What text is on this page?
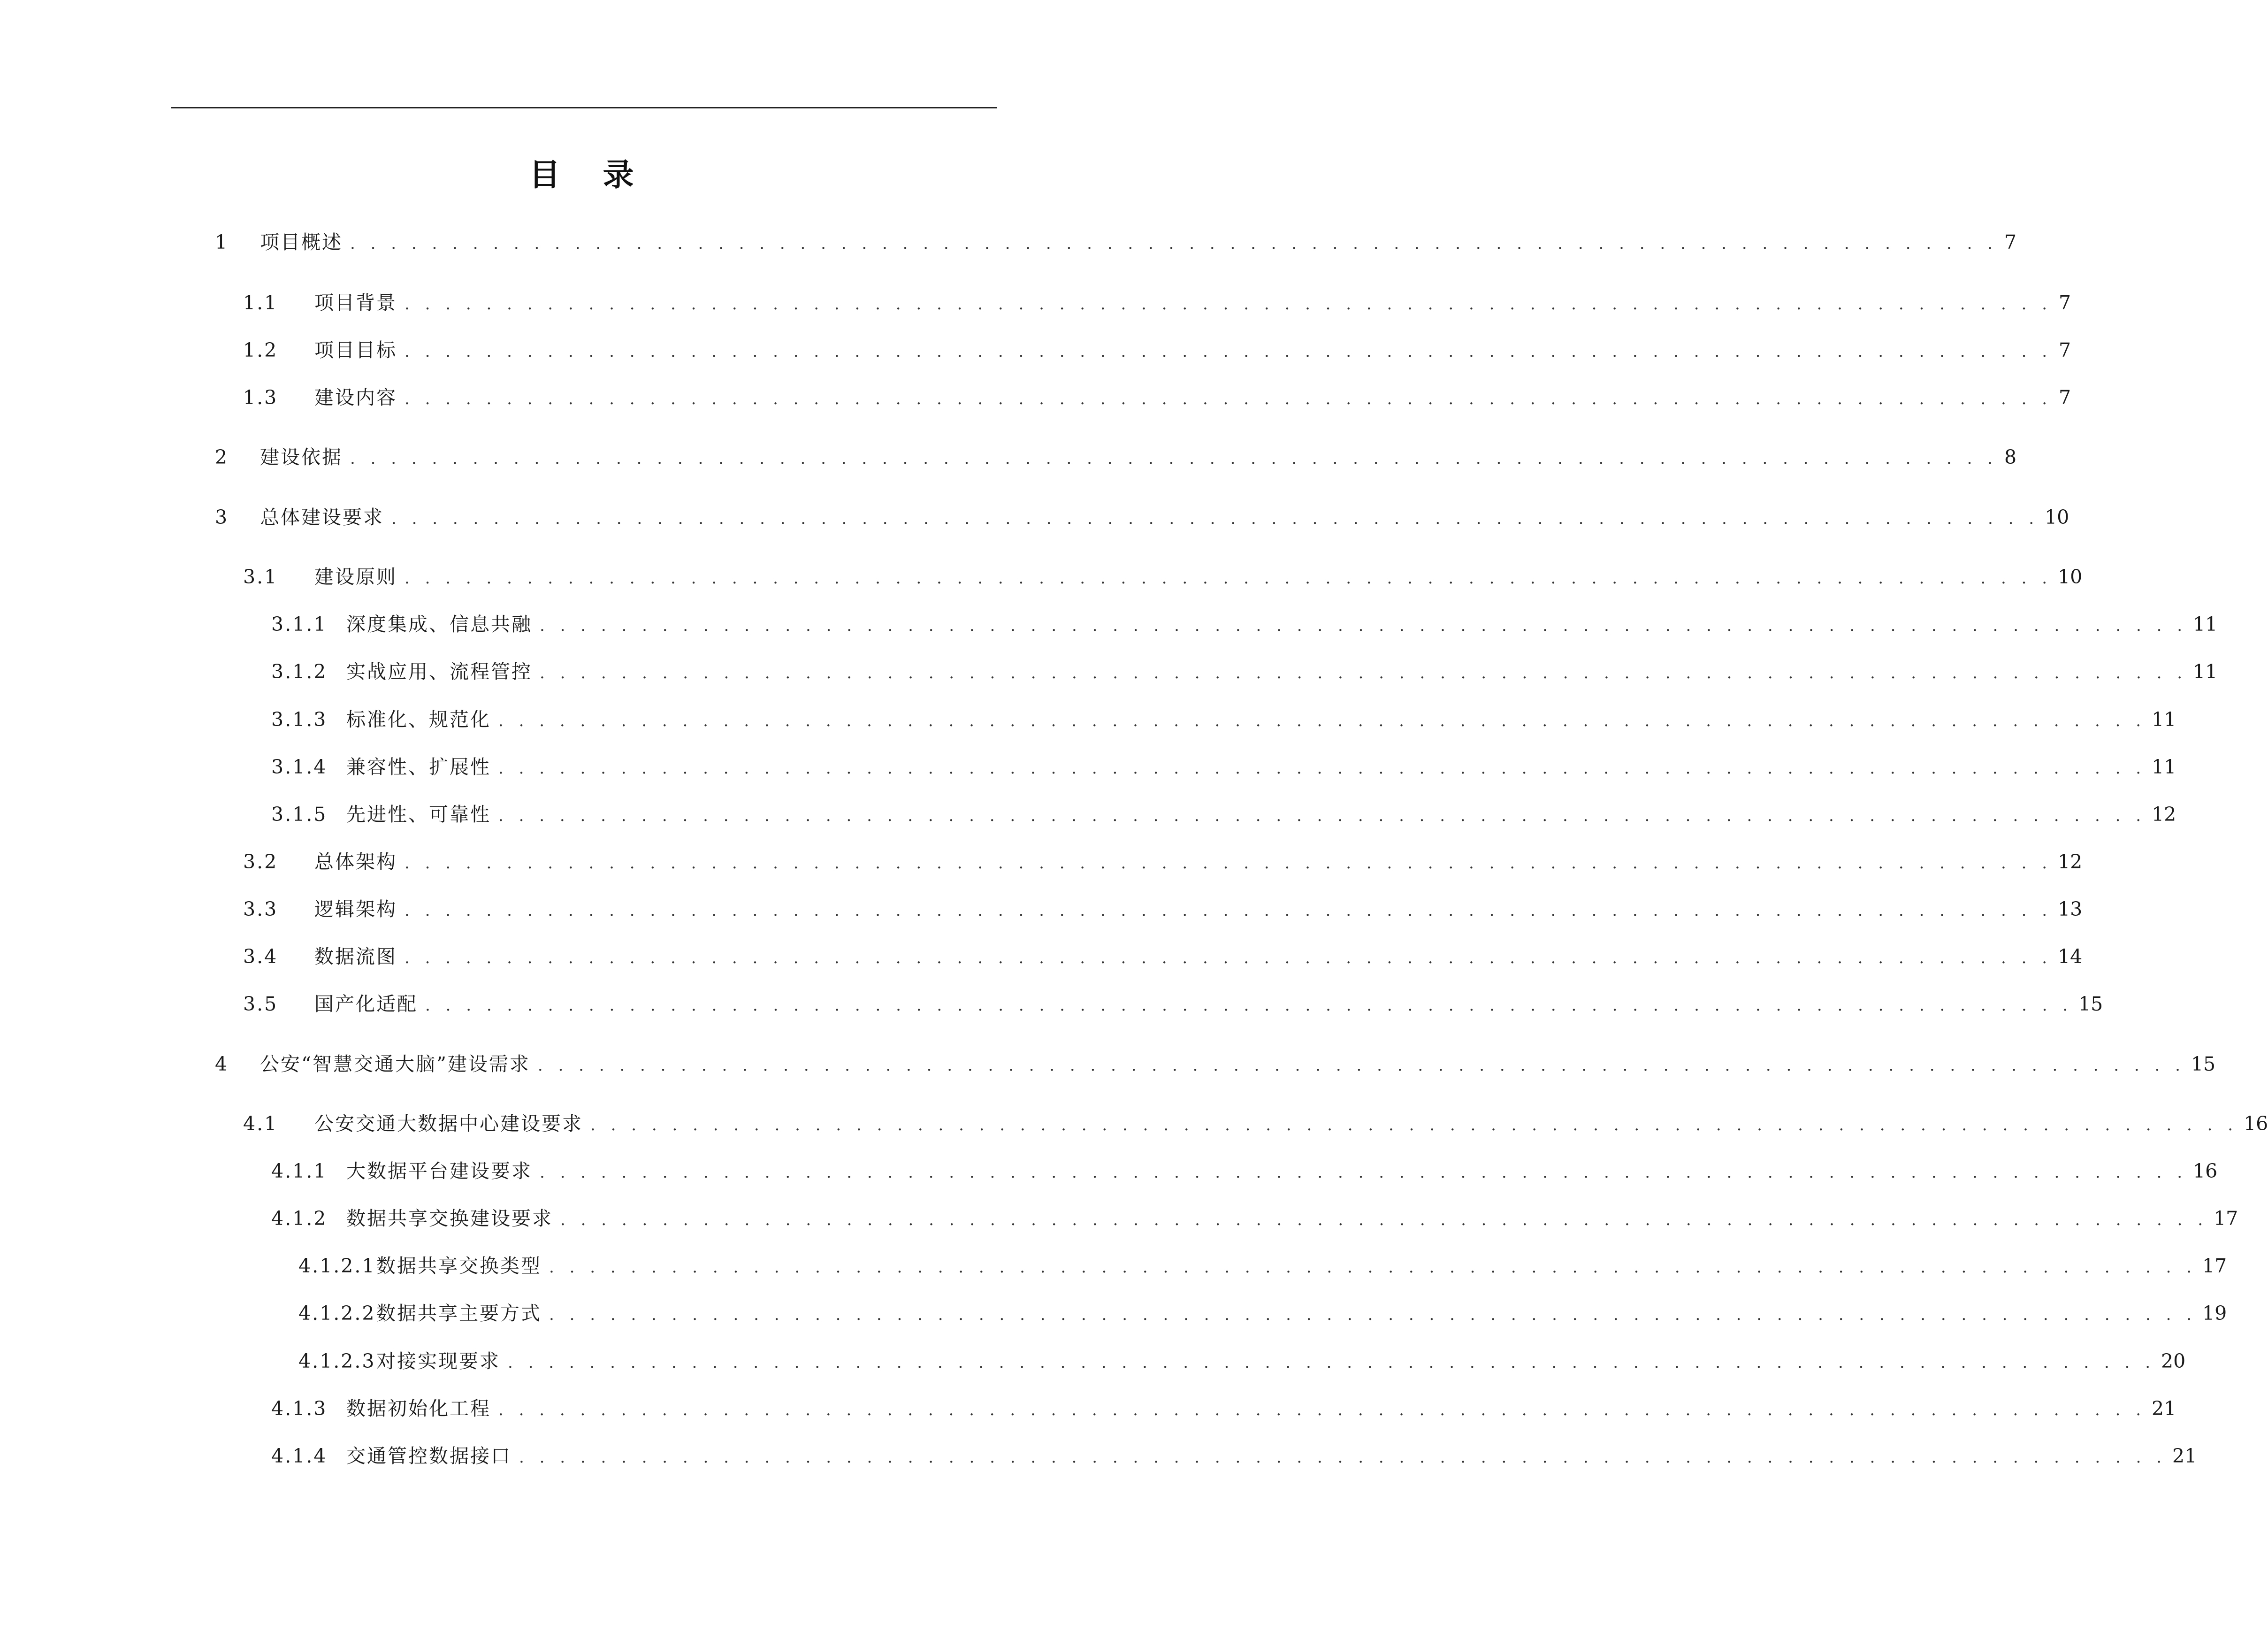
目 录
1	项目概述 . . . . . . . . . . . . . . . . . . . . . . . . . . . . . . . . . . . . . . . . . . . . . . . . . . . . . . . . . . . . . . . . . . . . . . . . . . . . . . . . . 7
1.1	项目背景 . . . . . . . . . . . . . . . . . . . . . . . . . . . . . . . . . . . . . . . . . . . . . . . . . . . . . . . . . . . . . . . . . . . . . . . . . . . . . . . . . 7
1.2	项目目标 . . . . . . . . . . . . . . . . . . . . . . . . . . . . . . . . . . . . . . . . . . . . . . . . . . . . . . . . . . . . . . . . . . . . . . . . . . . . . . . . . 7
1.3	建设内容 . . . . . . . . . . . . . . . . . . . . . . . . . . . . . . . . . . . . . . . . . . . . . . . . . . . . . . . . . . . . . . . . . . . . . . . . . . . . . . . . . 7
2	建设依据 . . . . . . . . . . . . . . . . . . . . . . . . . . . . . . . . . . . . . . . . . . . . . . . . . . . . . . . . . . . . . . . . . . . . . . . . . . . . . . . . . 8
3	总体建设要求 . . . . . . . . . . . . . . . . . . . . . . . . . . . . . . . . . . . . . . . . . . . . . . . . . . . . . . . . . . . . . . . . . . . . . . . . . . . . . . . . . 10
3.1	建设原则 . . . . . . . . . . . . . . . . . . . . . . . . . . . . . . . . . . . . . . . . . . . . . . . . . . . . . . . . . . . . . . . . . . . . . . . . . . . . . . . . . 10
3.1.1 深度集成、信息共融 . . . . . . . . . . . . . . . . . . . . . . . . . . . . . . . . . . . . . . . . . . . . . . . . . . . . . . . . . . . . . . . . . . . . . . . . . . . . . . . . . 11
3.1.2 实战应用、流程管控 . . . . . . . . . . . . . . . . . . . . . . . . . . . . . . . . . . . . . . . . . . . . . . . . . . . . . . . . . . . . . . . . . . . . . . . . . . . . . . . . . 11
3.1.3 标准化、规范化 . . . . . . . . . . . . . . . . . . . . . . . . . . . . . . . . . . . . . . . . . . . . . . . . . . . . . . . . . . . . . . . . . . . . . . . . . . . . . . . . . 11
3.1.4 兼容性、扩展性 . . . . . . . . . . . . . . . . . . . . . . . . . . . . . . . . . . . . . . . . . . . . . . . . . . . . . . . . . . . . . . . . . . . . . . . . . . . . . . . . . 11
3.1.5 先进性、可靠性 . . . . . . . . . . . . . . . . . . . . . . . . . . . . . . . . . . . . . . . . . . . . . . . . . . . . . . . . . . . . . . . . . . . . . . . . . . . . . . . . . 12
3.2	总体架构 . . . . . . . . . . . . . . . . . . . . . . . . . . . . . . . . . . . . . . . . . . . . . . . . . . . . . . . . . . . . . . . . . . . . . . . . . . . . . . . . . 12
3.3	逻辑架构 . . . . . . . . . . . . . . . . . . . . . . . . . . . . . . . . . . . . . . . . . . . . . . . . . . . . . . . . . . . . . . . . . . . . . . . . . . . . . . . . . 13
3.4	数据流图 . . . . . . . . . . . . . . . . . . . . . . . . . . . . . . . . . . . . . . . . . . . . . . . . . . . . . . . . . . . . . . . . . . . . . . . . . . . . . . . . . 14
3.5	国产化适配 . . . . . . . . . . . . . . . . . . . . . . . . . . . . . . . . . . . . . . . . . . . . . . . . . . . . . . . . . . . . . . . . . . . . . . . . . . . . . . . . . 15
4	公安“智慧交通大脑”建设需求 . . . . . . . . . . . . . . . . . . . . . . . . . . . . . . . . . . . . . . . . . . . . . . . . . . . . . . . . . . . . . . . . . . . . . . . . . . . . . . . . . 15
4.1	公安交通大数据中心建设要求 . . . . . . . . . . . . . . . . . . . . . . . . . . . . . . . . . . . . . . . . . . . . . . . . . . . . . . . . . . . . . . . . . . . . . . . . . . . . . . . . . 16
4.1.1 大数据平台建设要求 . . . . . . . . . . . . . . . . . . . . . . . . . . . . . . . . . . . . . . . . . . . . . . . . . . . . . . . . . . . . . . . . . . . . . . . . . . . . . . . . . 16
4.1.2 数据共享交换建设要求 . . . . . . . . . . . . . . . . . . . . . . . . . . . . . . . . . . . . . . . . . . . . . . . . . . . . . . . . . . . . . . . . . . . . . . . . . . . . . . . . . 17
4.1.2.1 数据共享交换类型 . . . . . . . . . . . . . . . . . . . . . . . . . . . . . . . . . . . . . . . . . . . . . . . . . . . . . . . . . . . . . . . . . . . . . . . . . . . . . . . . . 17
4.1.2.2 数据共享主要方式 . . . . . . . . . . . . . . . . . . . . . . . . . . . . . . . . . . . . . . . . . . . . . . . . . . . . . . . . . . . . . . . . . . . . . . . . . . . . . . . . . 19
4.1.2.3 对接实现要求 . . . . . . . . . . . . . . . . . . . . . . . . . . . . . . . . . . . . . . . . . . . . . . . . . . . . . . . . . . . . . . . . . . . . . . . . . . . . . . . . . 20
4.1.3 数据初始化工程 . . . . . . . . . . . . . . . . . . . . . . . . . . . . . . . . . . . . . . . . . . . . . . . . . . . . . . . . . . . . . . . . . . . . . . . . . . . . . . . . . 21
4.1.4 交通管控数据接口 . . . . . . . . . . . . . . . . . . . . . . . . . . . . . . . . . . . . . . . . . . . . . . . . . . . . . . . . . . . . . . . . . . . . . . . . . . . . . . . . . 21
